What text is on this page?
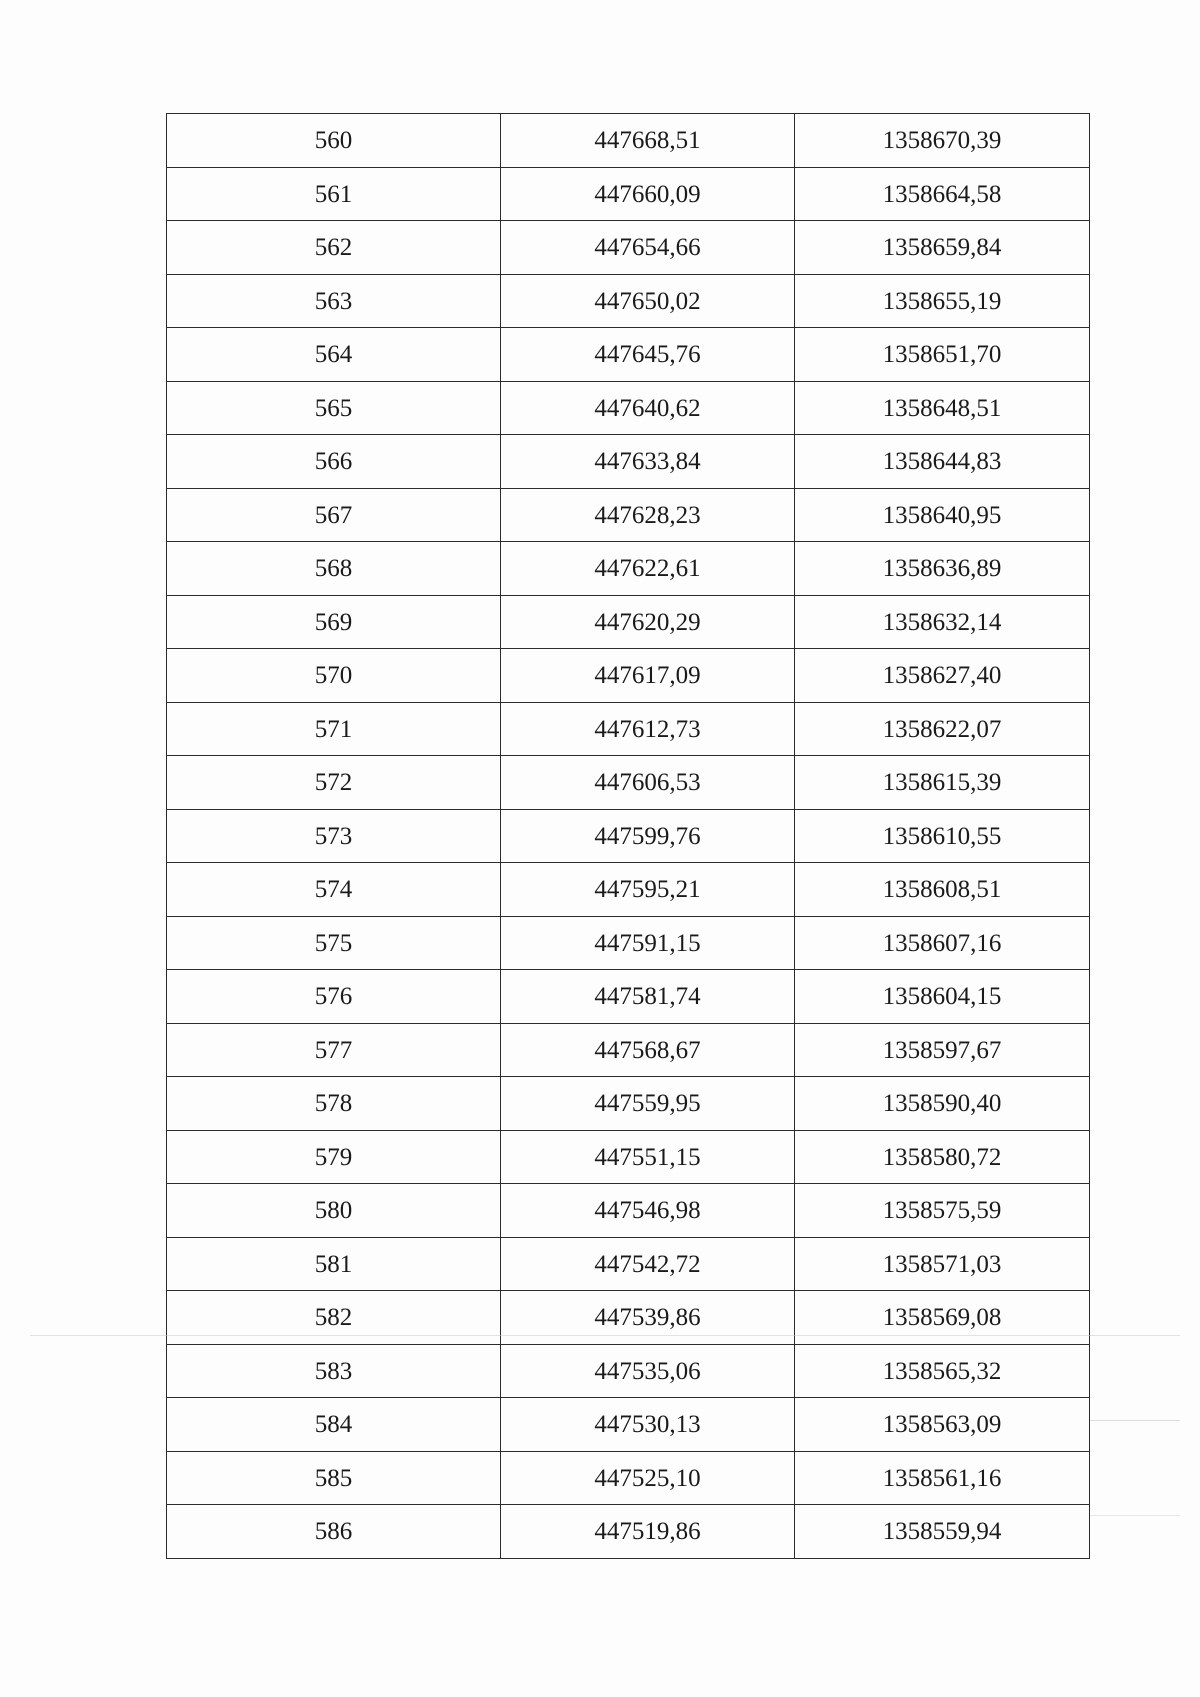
560	447668,51	1358670,39
561	447660,09	1358664,58
562	447654,66	1358659,84
563	447650,02	1358655,19
564	447645,76	1358651,70
565	447640,62	1358648,51
566	447633,84	1358644,83
567	447628,23	1358640,95
568	447622,61	1358636,89
569	447620,29	1358632,14
570	447617,09	1358627,40
571	447612,73	1358622,07
572	447606,53	1358615,39
573	447599,76	1358610,55
574	447595,21	1358608,51
575	447591,15	1358607,16
576	447581,74	1358604,15
577	447568,67	1358597,67
578	447559,95	1358590,40
579	447551,15	1358580,72
580	447546,98	1358575,59
581	447542,72	1358571,03
582	447539,86	1358569,08
583	447535,06	1358565,32
584	447530,13	1358563,09
585	447525,10	1358561,16
586	447519,86	1358559,94
